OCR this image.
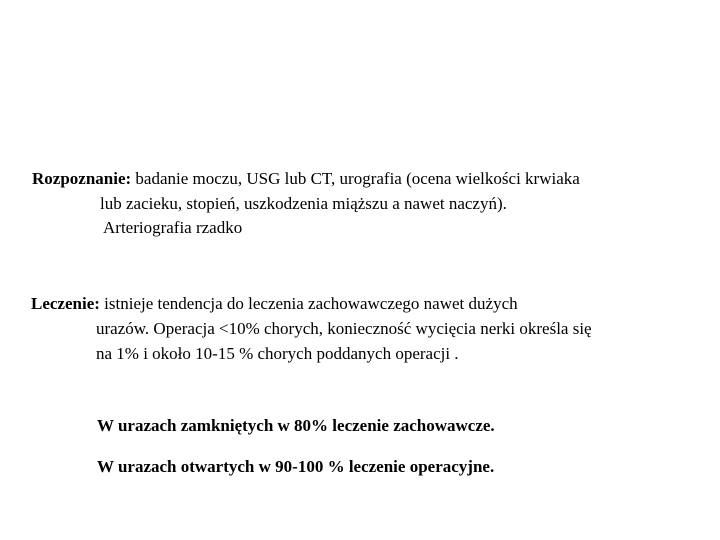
Rozpoznanie: badanie moczu, USG lub CT, urografia (ocena wielkości krwiaka
lub zacieku, stopień, uszkodzenia miąższu a nawet naczyń).
Arteriografia rzadko
Leczenie: istnieje tendencja do leczenia zachowawczego nawet dużych
urazów. Operacja <10% chorych, konieczność wycięcia nerki określa się
na 1% i około 10-15 % chorych poddanych operacji .
W urazach zamkniętych w 80% leczenie zachowawcze.
W urazach otwartych w 90-100 % leczenie operacyjne.
